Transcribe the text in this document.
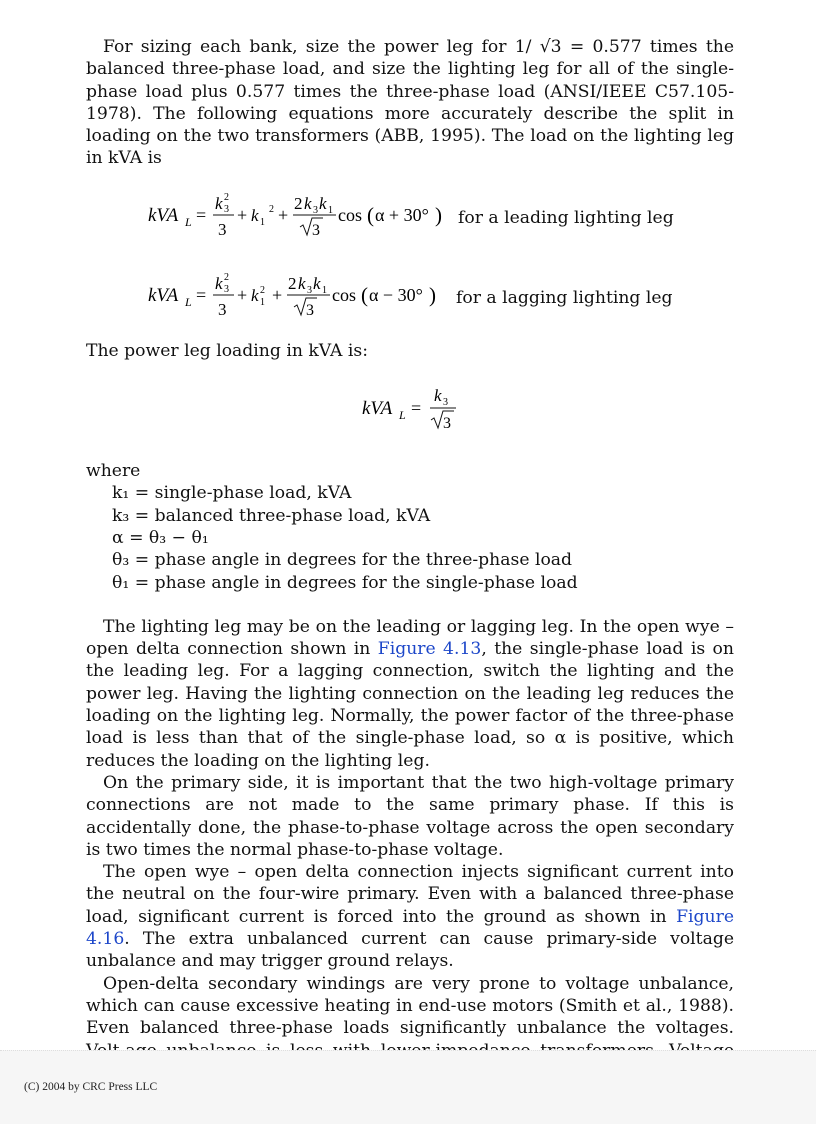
For sizing each bank, size the power leg for 1/ √3 = 0.577 times the balanced three-phase load, and size the lighting leg for all of the single-phase load plus 0.577 times the three-phase load (ANSI/IEEE C57.105-1978). The following equations more accurately describe the split in loading on the two transformers (ABB, 1995). The load on the lighting leg in kVA is

kVA L =
k 3
2
3
+ k 1
2 +
2 k 3 k 1
3
cos ( α + 30° ) for a leading lighting leg
kVA L =
k 3
2
3
+ k 1
2 +
2 k 3 k 1
3
cos ( α − 30° ) for a lagging lighting leg

The power leg loading in kVA is:

kVA L =
k 3
3

where

k₁ = single-phase load, kVA
k₃ = balanced three-phase load, kVA
α = θ₃ − θ₁
θ₃ = phase angle in degrees for the three-phase load
θ₁ = phase angle in degrees for the single-phase load

The lighting leg may be on the leading or lagging leg. In the open wye – open delta connection shown in Figure 4.13, the single-phase load is on the leading leg. For a lagging connection, switch the lighting and the power leg. Having the lighting connection on the leading leg reduces the loading on the lighting leg. Normally, the power factor of the three-phase load is less than that of the single-phase load, so α is positive, which reduces the loading on the lighting leg.

On the primary side, it is important that the two high-voltage primary connections are not made to the same primary phase. If this is accidentally done, the phase-to-phase voltage across the open secondary is two times the normal phase-to-phase voltage.

The open wye – open delta connection injects significant current into the neutral on the four-wire primary. Even with a balanced three-phase load, significant current is forced into the ground as shown in Figure 4.16. The extra unbalanced current can cause primary-side voltage unbalance and may trigger ground relays.

Open-delta secondary windings are very prone to voltage unbalance, which can cause excessive heating in end-use motors (Smith et al., 1988). Even balanced three-phase loads significantly unbalance the voltages.

(C) 2004 by CRC Press LLC
